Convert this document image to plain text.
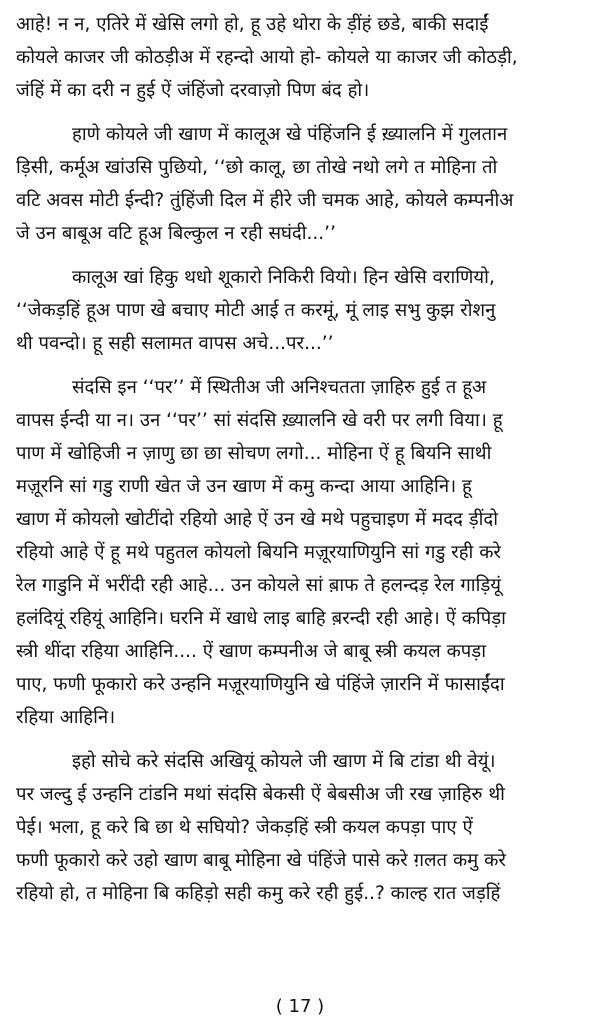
आहे! न न, एतिरे में खेसि लगो हो, हू उहे थोरा के ड़ींहं छडे, बाकी सदाईं
कोयले काजर जी कोठड़ीअ में रहन्दो आयो हो- कोयले या काजर जी कोठड़ी,
जंहिं में का दरी न हुई ऐं जंहिंजो दरवाज़ो पिण बंद हो।
हाणे कोयले जी खाण में कालूअ खे पंहिंजनि ई ख़्यालनि में गुलतान
ड़िसी, कर्मूअ खांउसि पुछियो, ‘‘छो कालू, छा तोखे नथो लगे त मोहिना तो
वटि अवस मोटी ईन्दी? तुंहिंजी दिल में हीरे जी चमक आहे, कोयले कम्पनीअ
जे उन बाबूअ वटि हूअ बिल्कुल न रही सघंदी...’’
कालूअ खां हिकु थधो शूकारो निकिरी वियो। हिन खेसि वराणियो,
‘‘जेकड़हिं हूअ पाण खे बचाए मोटी आई त करमूं, मूं लाइ सभु कुझ रोशनु
थी पवन्दो। हू सही सलामत वापस अचे...पर...’’
संदसि इन ‘‘पर’’ में स्थितीअ जी अनिश्चतता ज़ाहिरु हुई त हूअ
वापस ईन्दी या न। उन ‘‘पर’’ सां संदसि ख़्यालनि खे वरी पर लगी विया। हू
पाण में खोहिजी न ज़ाणु छा छा सोचण लगो... मोहिना ऐं हू बियनि साथी
मज़ूरनि सां गडु राणी खेत जे उन खाण में कमु कन्दा आया आहिनि। हू
खाण में कोयलो खोटींदो रहियो आहे ऐं उन खे मथे पहुचाइण में मदद ड़ींदो
रहियो आहे ऐं हू मथे पहुतल कोयलो बियनि मज़ूरयाणियुनि सां गडु रही करे
रेल गाडुनि में भरींदी रही आहे... उन कोयले सां ब़ाफ ते हलन्दड़ रेल गाड़ियूं
हलंदियूं रहियूं आहिनि। घरनि में खाधे लाइ बाहि ब़रन्दी रही आहे। ऐं कपिड़ा
स्त्री थींदा रहिया आहिनि.... ऐं खाण कम्पनीअ जे बाबू स्त्री कयल कपड़ा
पाए, फणी फूकारो करे उन्हनि मज़ूरयाणियुनि खे पंहिंजे ज़ारनि में फासाईंदा
रहिया आहिनि।
इहो सोचे करे संदसि अखियूं कोयले जी खाण में बि टांडा थी वेयूं।
पर जल्दु ई उन्हनि टांडनि मथां संदसि बेकसी ऐं बेबसीअ जी रख ज़ाहिरु थी
पेई। भला, हू करे बि छा थे सघियो? जेकड़हिं स्त्री कयल कपड़ा पाए ऐं
फणी फूकारो करे उहो खाण बाबू मोहिना खे पंहिंजे पासे करे ग़लत कमु करे
रहियो हो, त मोहिना बि कहिड़ो सही कमु करे रही हुई..? काल्ह रात जड़हिं
( 17 )
